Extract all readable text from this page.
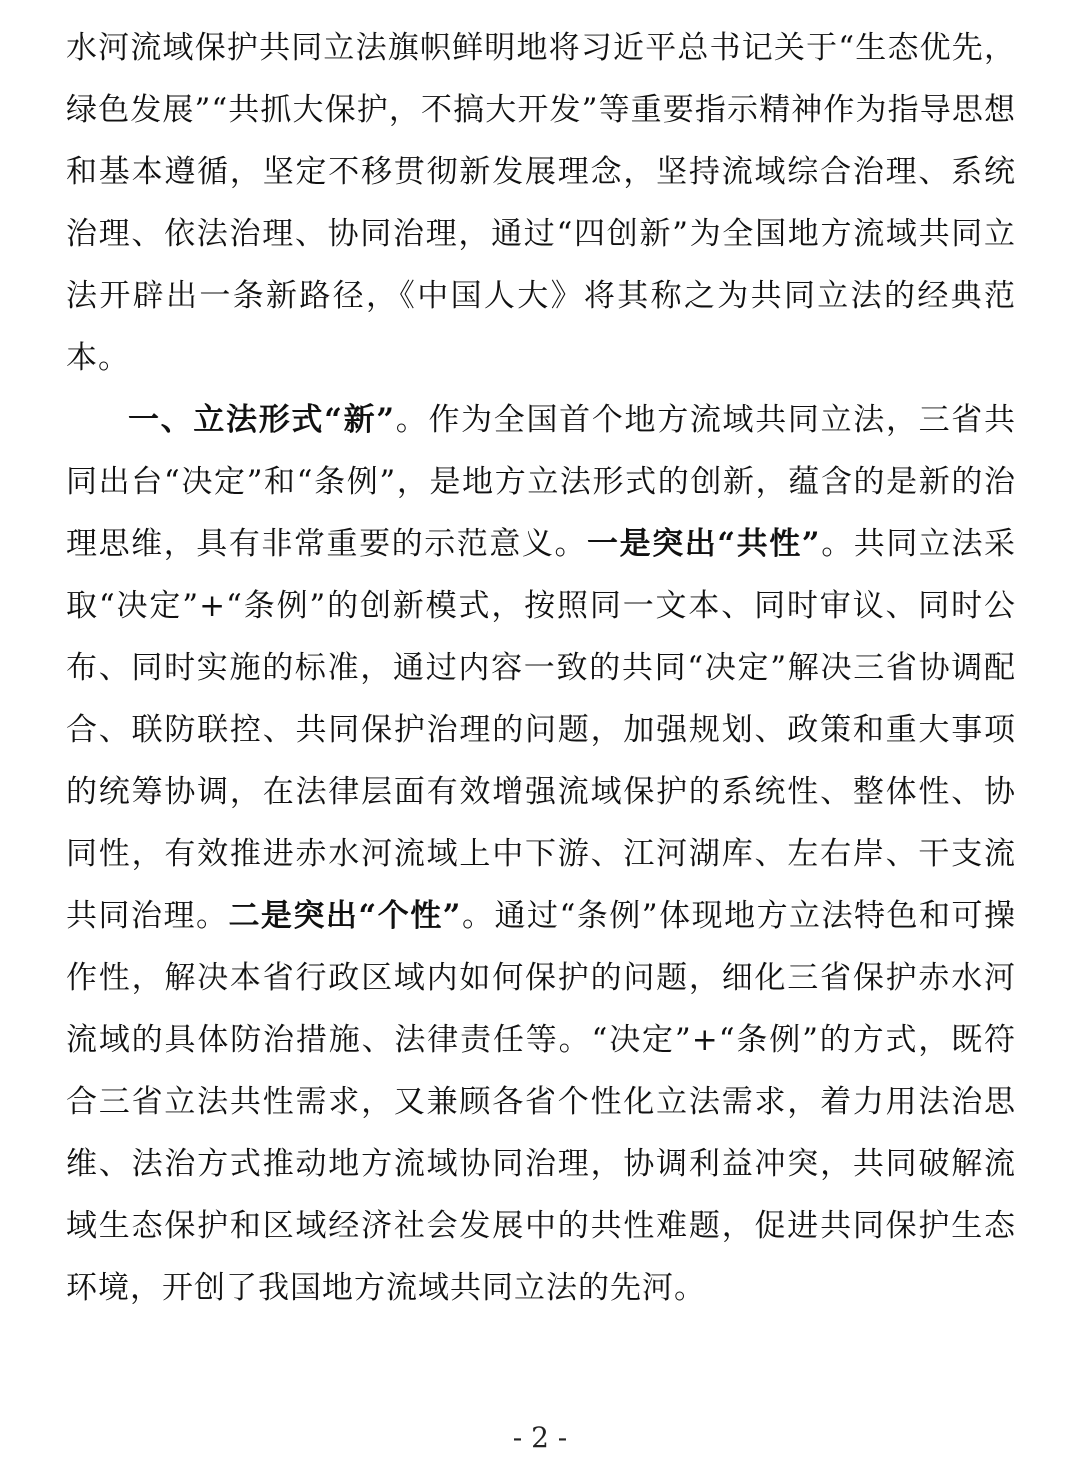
水河流域保护共同立法旗帜鲜明地将习近平总书记关于“生态优先，绿色发展”“共抓大保护，不搞大开发”等重要指示精神作为指导思想和基本遵循，坚定不移贯彻新发展理念，坚持流域综合治理、系统治理、依法治理、协同治理，通过“四创新”为全国地方流域共同立法开辟出一条新路径，《中国人大》将其称之为共同立法的经典范本。

一、立法形式“新”。作为全国首个地方流域共同立法，三省共同出台“决定”和“条例”，是地方立法形式的创新，蕴含的是新的治理思维，具有非常重要的示范意义。一是突出“共性”。共同立法采取“决定”+“条例”的创新模式，按照同一文本、同时审议、同时公布、同时实施的标准，通过内容一致的共同“决定”解决三省协调配合、联防联控、共同保护治理的问题，加强规划、政策和重大事项的统筹协调，在法律层面有效增强流域保护的系统性、整体性、协同性，有效推进赤水河流域上中下游、江河湖库、左右岸、干支流共同治理。二是突出“个性”。通过“条例”体现地方立法特色和可操作性，解决本省行政区域内如何保护的问题，细化三省保护赤水河流域的具体防治措施、法律责任等。“决定”+“条例”的方式，既符合三省立法共性需求，又兼顾各省个性化立法需求，着力用法治思维、法治方式推动地方流域协同治理，协调利益冲突，共同破解流域生态保护和区域经济社会发展中的共性难题，促进共同保护生态环境，开创了我国地方流域共同立法的先河。

- 2 -
